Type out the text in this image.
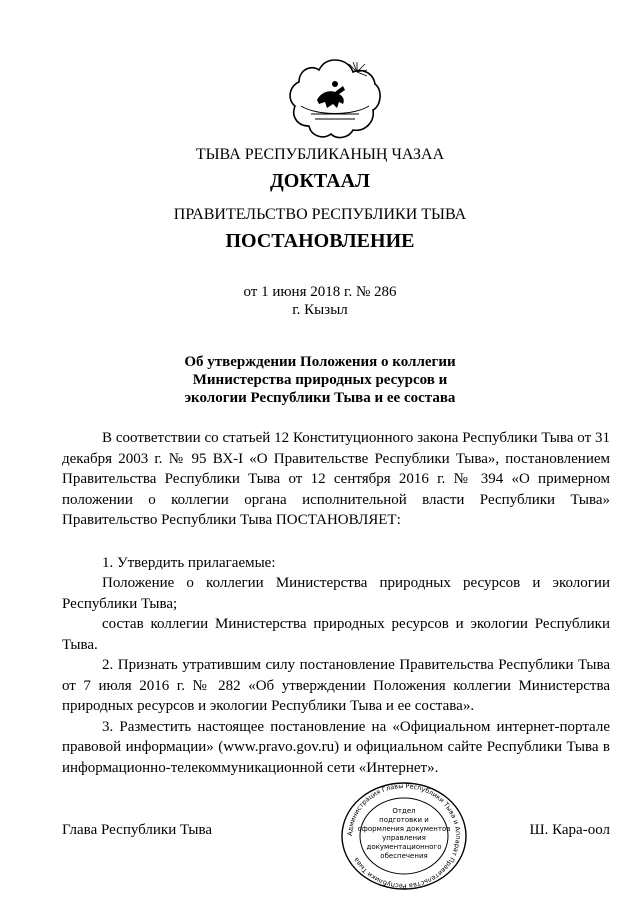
ТЫВА РЕСПУБЛИКАНЫҢ ЧАЗАА
ДОКТААЛ
ПРАВИТЕЛЬСТВО РЕСПУБЛИКИ ТЫВА
ПОСТАНОВЛЕНИЕ
от 1 июня 2018 г. № 286
г. Кызыл
Об утверждении Положения о коллегии
Министерства природных ресурсов и
экологии Республики Тыва и ее состава

В соответствии со статьей 12 Конституционного закона Республики Тыва от 31 декабря 2003 г. № 95 ВХ-I «О Правительстве Республики Тыва», постановлением Правительства Республики Тыва от 12 сентября 2016 г. № 394 «О примерном положении о коллегии органа исполнительной власти Республики Тыва» Правительство Республики Тыва ПОСТАНОВЛЯЕТ:

1. Утвердить прилагаемые:

Положение о коллегии Министерства природных ресурсов и экологии Республики Тыва;

состав коллегии Министерства природных ресурсов и экологии Республики Тыва.

2. Признать утратившим силу постановление Правительства Республики Тыва от 7 июля 2016 г. № 282 «Об утверждении Положения коллегии Министерства природных ресурсов и экологии Республики Тыва и ее состава».

3. Разместить настоящее постановление на «Официальном интернет-портале правовой информации» (www.pravo.gov.ru) и официальном сайте Республики Тыва в информационно-телекоммуникационной сети «Интернет».

Глава Республики Тыва	Ш. Кара-оол
Администрация Главы Республики Тыва и Аппарат Правительства Республики Тыва
Отдел
подготовки и
оформления документов
управления
документационного
обеспечения
